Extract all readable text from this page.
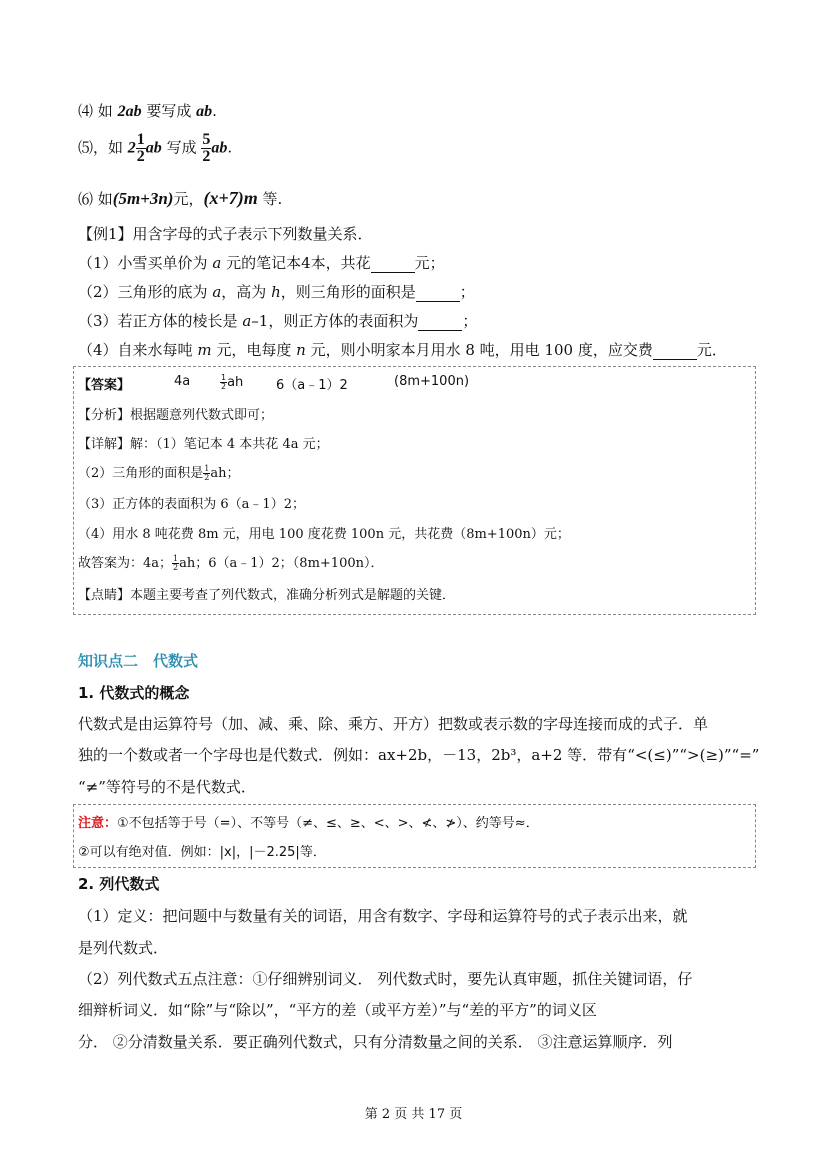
⑷ 如 2ab 要写成 ab.
⑸，如 $2 \frac{1}{2}$ ab 写成 $\frac{5}{2}$ ab.
⑹ 如(5m+3n)元，(x+7)m 等.
【例1】用含字母的式子表示下列数量关系．
（1）小雪买单价为 a 元的笔记本4本，共花	元；
（2）三角形的底为 a，高为 h，则三角形的面积是	；
（3）若正方体的棱长是 a–1，则正方体的表面积为	；
（4）自来水每吨 m 元，电每度 n 元，则小明家本月用水 8 吨，用电 100 度，应交费	元．
【答案】	4a	$\frac{1}{2}$ ah	6（a﹣1）2	(8m+100n)
【分析】根据题意列代数式即可；
【详解】解：（1）笔记本 4 本共花 4a 元；
（2）三角形的面积是 $\frac{1}{2}$ ah；
（3）正方体的表面积为 6（a﹣1）2；
（4）用水 8 吨花费 8m 元，用电 100 度花费 100n 元，共花费（8m+100n）元；
故答案为：4a； $\frac{1}{2}$ ah；6（a﹣1）2；（8m+100n）．
【点睛】本题主要考查了列代数式，准确分析列式是解题的关键．
知识点二　代数式
1. 代数式的概念
代数式是由运算符号（加、减、乘、除、乘方、开方）把数或表示数的字母连接而成的式子．单
独的一个数或者一个字母也是代数式．例如：ax+2b，－13，2b³，a+2 等．带有“<(≤)”“>(≥)”“=”
“≠”等符号的不是代数式．
注意：①不包括等于号（=）、不等号（≠、≤、≥、<、>、≮、≯）、约等号≈．
②可以有绝对值．例如：|x|，|－2.25|等．
2. 列代数式
（1）定义：把问题中与数量有关的词语，用含有数字、字母和运算符号的式子表示出来，就
是列代数式．
（2）列代数式五点注意：①仔细辨别词义． 列代数式时，要先认真审题，抓住关键词语，仔
细辩析词义．如“除”与“除以”，“平方的差（或平方差）”与“差的平方”的词义区
分． ②分清数量关系．要正确列代数式，只有分清数量之间的关系． ③注意运算顺序．列
第 2 页 共 17 页
